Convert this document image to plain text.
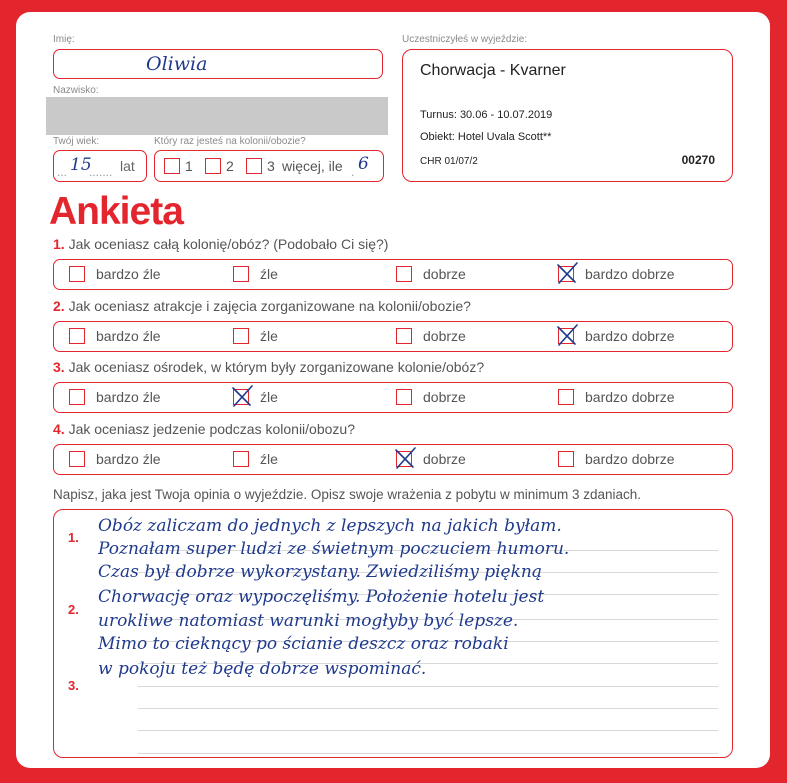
Imię:
Oliwia
Nazwisko:
Twój wiek:
... 15
....... lat
Który raz jesteś na kolonii/obozie?
1 2 3 więcej, ile . 6
Uczestniczyłeś w wyjeździe:
Chorwacja - Kvarner
Turnus: 30.06 - 10.07.2019
Obiekt: Hotel Uvala Scott**
CHR 01/07/2	00270
Ankieta
1. Jak oceniasz całą kolonię/obóz? (Podobało Ci się?)
bardzo źle	źle	dobrze	bardzo dobrze
2. Jak oceniasz atrakcje i zajęcia zorganizowane na kolonii/obozie?
bardzo źle	źle	dobrze	bardzo dobrze
3. Jak oceniasz ośrodek, w którym były zorganizowane kolonie/obóz?
bardzo źle	źle	dobrze	bardzo dobrze
4. Jak oceniasz jedzenie podczas kolonii/obozu?
bardzo źle	źle	dobrze	bardzo dobrze
Napisz, jaka jest Twoja opinia o wyjeździe. Opisz swoje wrażenia z pobytu w minimum 3 zdaniach.
1.
2.
3.
Obóz zaliczam do jednych z lepszych na jakich byłam.
Poznałam super ludzi ze świetnym poczuciem humoru.
Czas był dobrze wykorzystany. Zwiedziliśmy piękną
Chorwację oraz wypoczęliśmy. Położenie hotelu jest
urokliwe natomiast warunki mogłyby być lepsze.
Mimo to cieknący po ścianie deszcz oraz robaki
w pokoju też będę dobrze wspominać.
